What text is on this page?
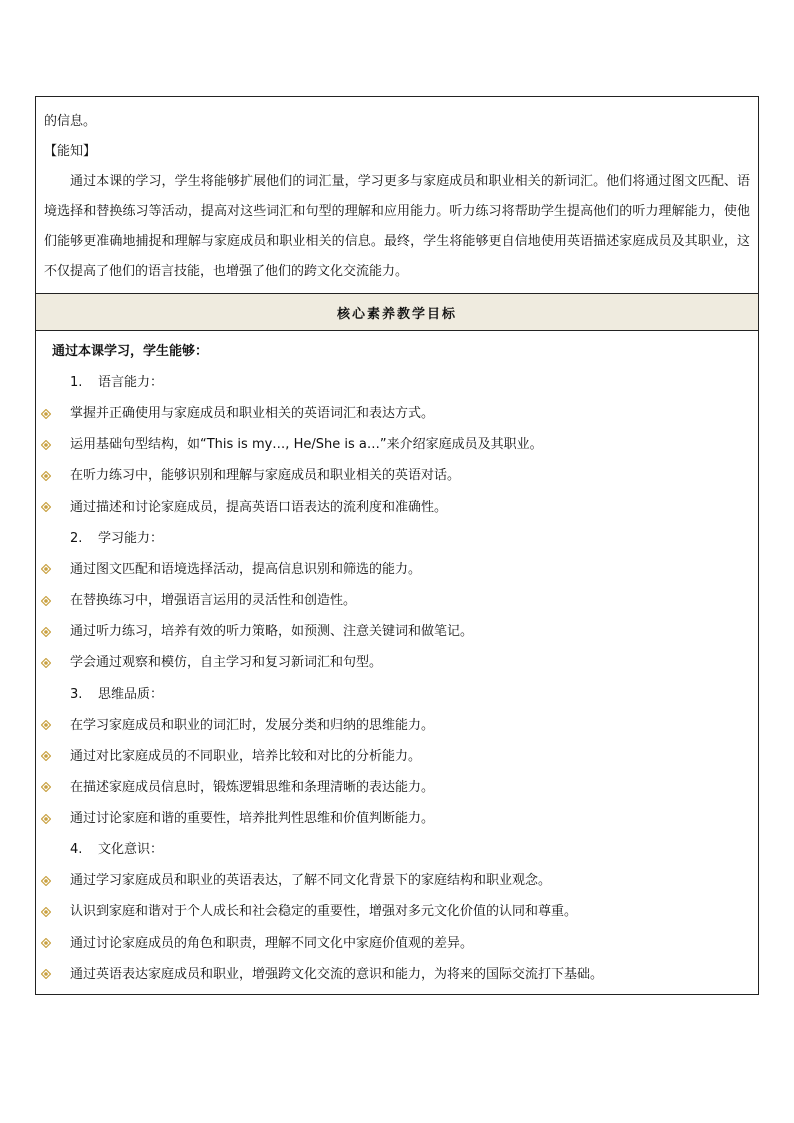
的信息。
【能知】

通过本课的学习，学生将能够扩展他们的词汇量，学习更多与家庭成员和职业相关的新词汇。他们将通过图文匹配、语境选择和替换练习等活动，提高对这些词汇和句型的理解和应用能力。听力练习将帮助学生提高他们的听力理解能力，使他们能够更准确地捕捉和理解与家庭成员和职业相关的信息。最终，学生将能够更自信地使用英语描述家庭成员及其职业，这不仅提高了他们的语言技能，也增强了他们的跨文化交流能力。

核心素养教学目标
通过本课学习，学生能够：
1.	语言能力：
掌握并正确使用与家庭成员和职业相关的英语词汇和表达方式。
运用基础句型结构，如“This is my…, He/She is a…”来介绍家庭成员及其职业。
在听力练习中，能够识别和理解与家庭成员和职业相关的英语对话。
通过描述和讨论家庭成员，提高英语口语表达的流利度和准确性。
2.	学习能力：
通过图文匹配和语境选择活动，提高信息识别和筛选的能力。
在替换练习中，增强语言运用的灵活性和创造性。
通过听力练习，培养有效的听力策略，如预测、注意关键词和做笔记。
学会通过观察和模仿，自主学习和复习新词汇和句型。
3.	思维品质：
在学习家庭成员和职业的词汇时，发展分类和归纳的思维能力。
通过对比家庭成员的不同职业，培养比较和对比的分析能力。
在描述家庭成员信息时，锻炼逻辑思维和条理清晰的表达能力。
通过讨论家庭和谐的重要性，培养批判性思维和价值判断能力。
4.	文化意识：
通过学习家庭成员和职业的英语表达，了解不同文化背景下的家庭结构和职业观念。
认识到家庭和谐对于个人成长和社会稳定的重要性，增强对多元文化价值的认同和尊重。
通过讨论家庭成员的角色和职责，理解不同文化中家庭价值观的差异。
通过英语表达家庭成员和职业，增强跨文化交流的意识和能力，为将来的国际交流打下基础。
